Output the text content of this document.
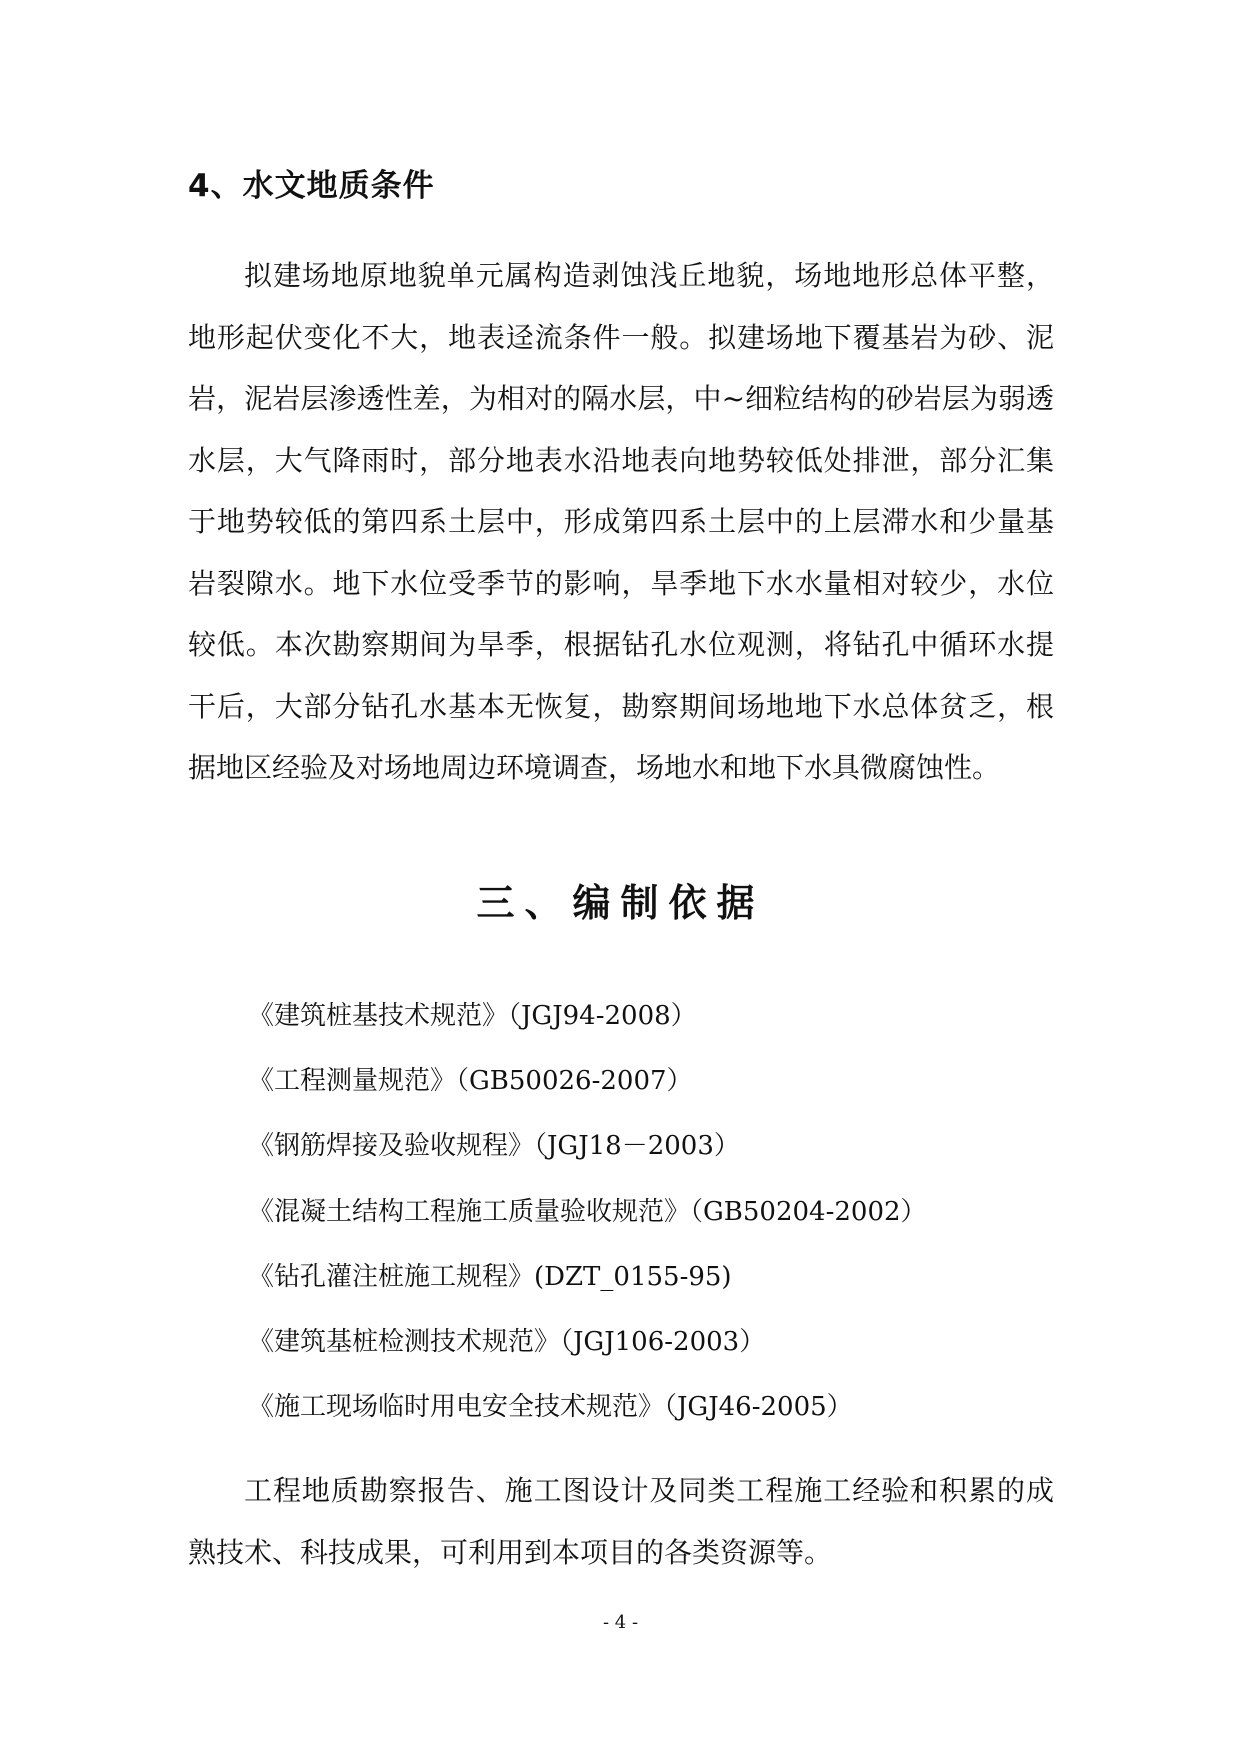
4、水文地质条件

拟建场地原地貌单元属构造剥蚀浅丘地貌，场地地形总体平整，地形起伏变化不大，地表迳流条件一般。拟建场地下覆基岩为砂、泥岩，泥岩层渗透性差，为相对的隔水层，中~细粒结构的砂岩层为弱透水层，大气降雨时，部分地表水沿地表向地势较低处排泄，部分汇集于地势较低的第四系土层中，形成第四系土层中的上层滞水和少量基岩裂隙水。地下水位受季节的影响，旱季地下水水量相对较少，水位较低。本次勘察期间为旱季，根据钻孔水位观测，将钻孔中循环水提干后，大部分钻孔水基本无恢复，勘察期间场地地下水总体贫乏，根据地区经验及对场地周边环境调查，场地水和地下水具微腐蚀性。

三、编制依据
《建筑桩基技术规范》（JGJ94-2008）
《工程测量规范》（GB50026-2007）
《钢筋焊接及验收规程》（JGJ18－2003）
《混凝土结构工程施工质量验收规范》（GB50204-2002）
《钻孔灌注桩施工规程》(DZT_0155-95)
《建筑基桩检测技术规范》（JGJ106-2003）
《施工现场临时用电安全技术规范》（JGJ46-2005）

工程地质勘察报告、施工图设计及同类工程施工经验和积累的成熟技术、科技成果，可利用到本项目的各类资源等。

- 4 -
